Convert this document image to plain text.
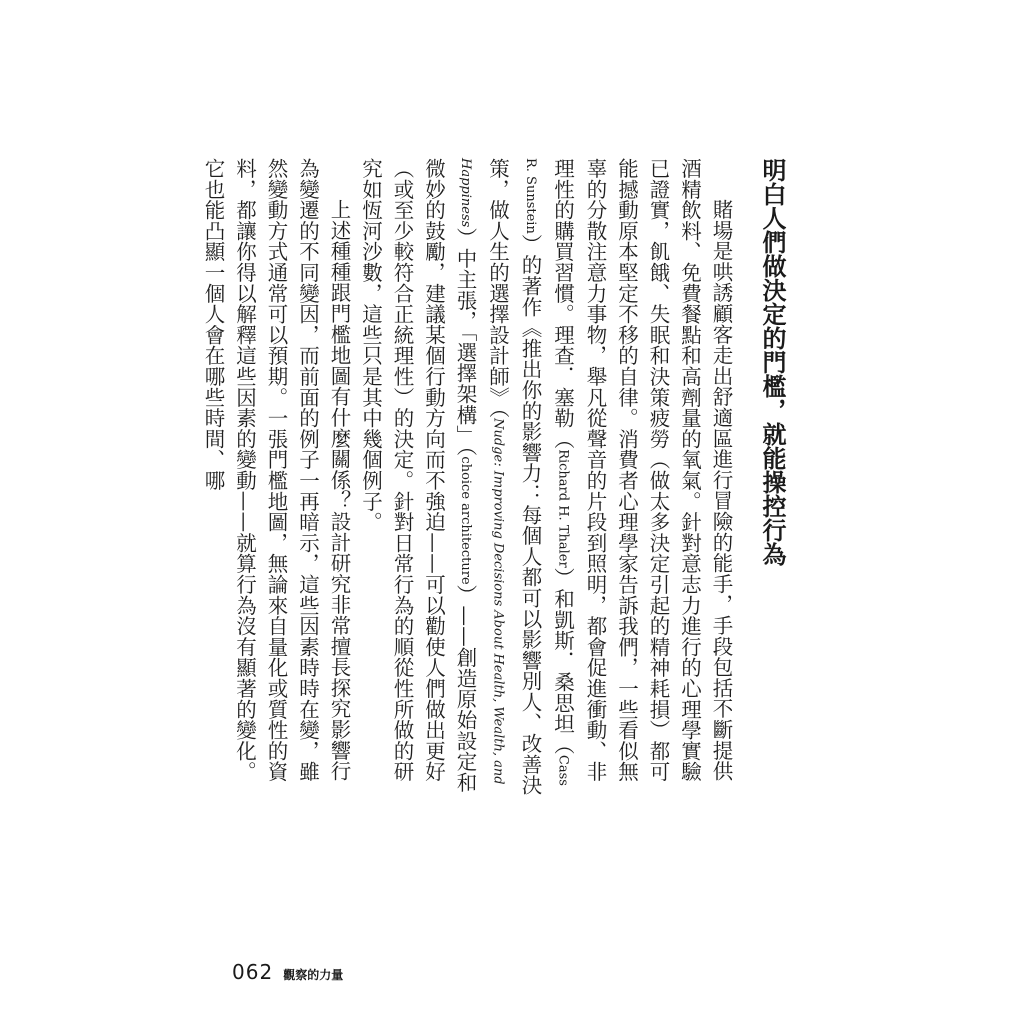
明白人們做決定的門檻，就能操控行為

賭場是哄誘顧客走出舒適區進行冒險的能手，手段包括不斷提供酒精飲料、免費餐點和高劑量的氧氣。針對意志力進行的心理學實驗已證實，飢餓、失眠和決策疲勞（做太多決定引起的精神耗損）都可能撼動原本堅定不移的自律。消費者心理學家告訴我們，一些看似無辜的分散注意力事物，舉凡從聲音的片段到照明，都會促進衝動、非理性的購買習慣。理查．塞勒（Richard H. Thaler）和凱斯．桑思坦（Cass R. Sunstein）的著作《推出你的影響力：每個人都可以影響別人、改善決策，做人生的選擇設計師》（Nudge: Improving Decisions About Health, Wealth, and Happiness）中主張，「選擇架構」（choice architecture）——創造原始設定和微妙的鼓勵，建議某個行動方向而不強迫——可以勸使人們做出更好（或至少較符合正統理性）的決定。針對日常行為的順從性所做的研究如恆河沙數，這些只是其中幾個例子。

上述種種跟門檻地圖有什麼關係？設計研究非常擅長探究影響行為變遷的不同變因，而前面的例子一再暗示，這些因素時時在變，雖然變動方式通常可以預期。一張門檻地圖，無論來自量化或質性的資料，都讓你得以解釋這些因素的變動——就算行為沒有顯著的變化。它也能凸顯一個人會在哪些時間、哪

062 觀察的力量
